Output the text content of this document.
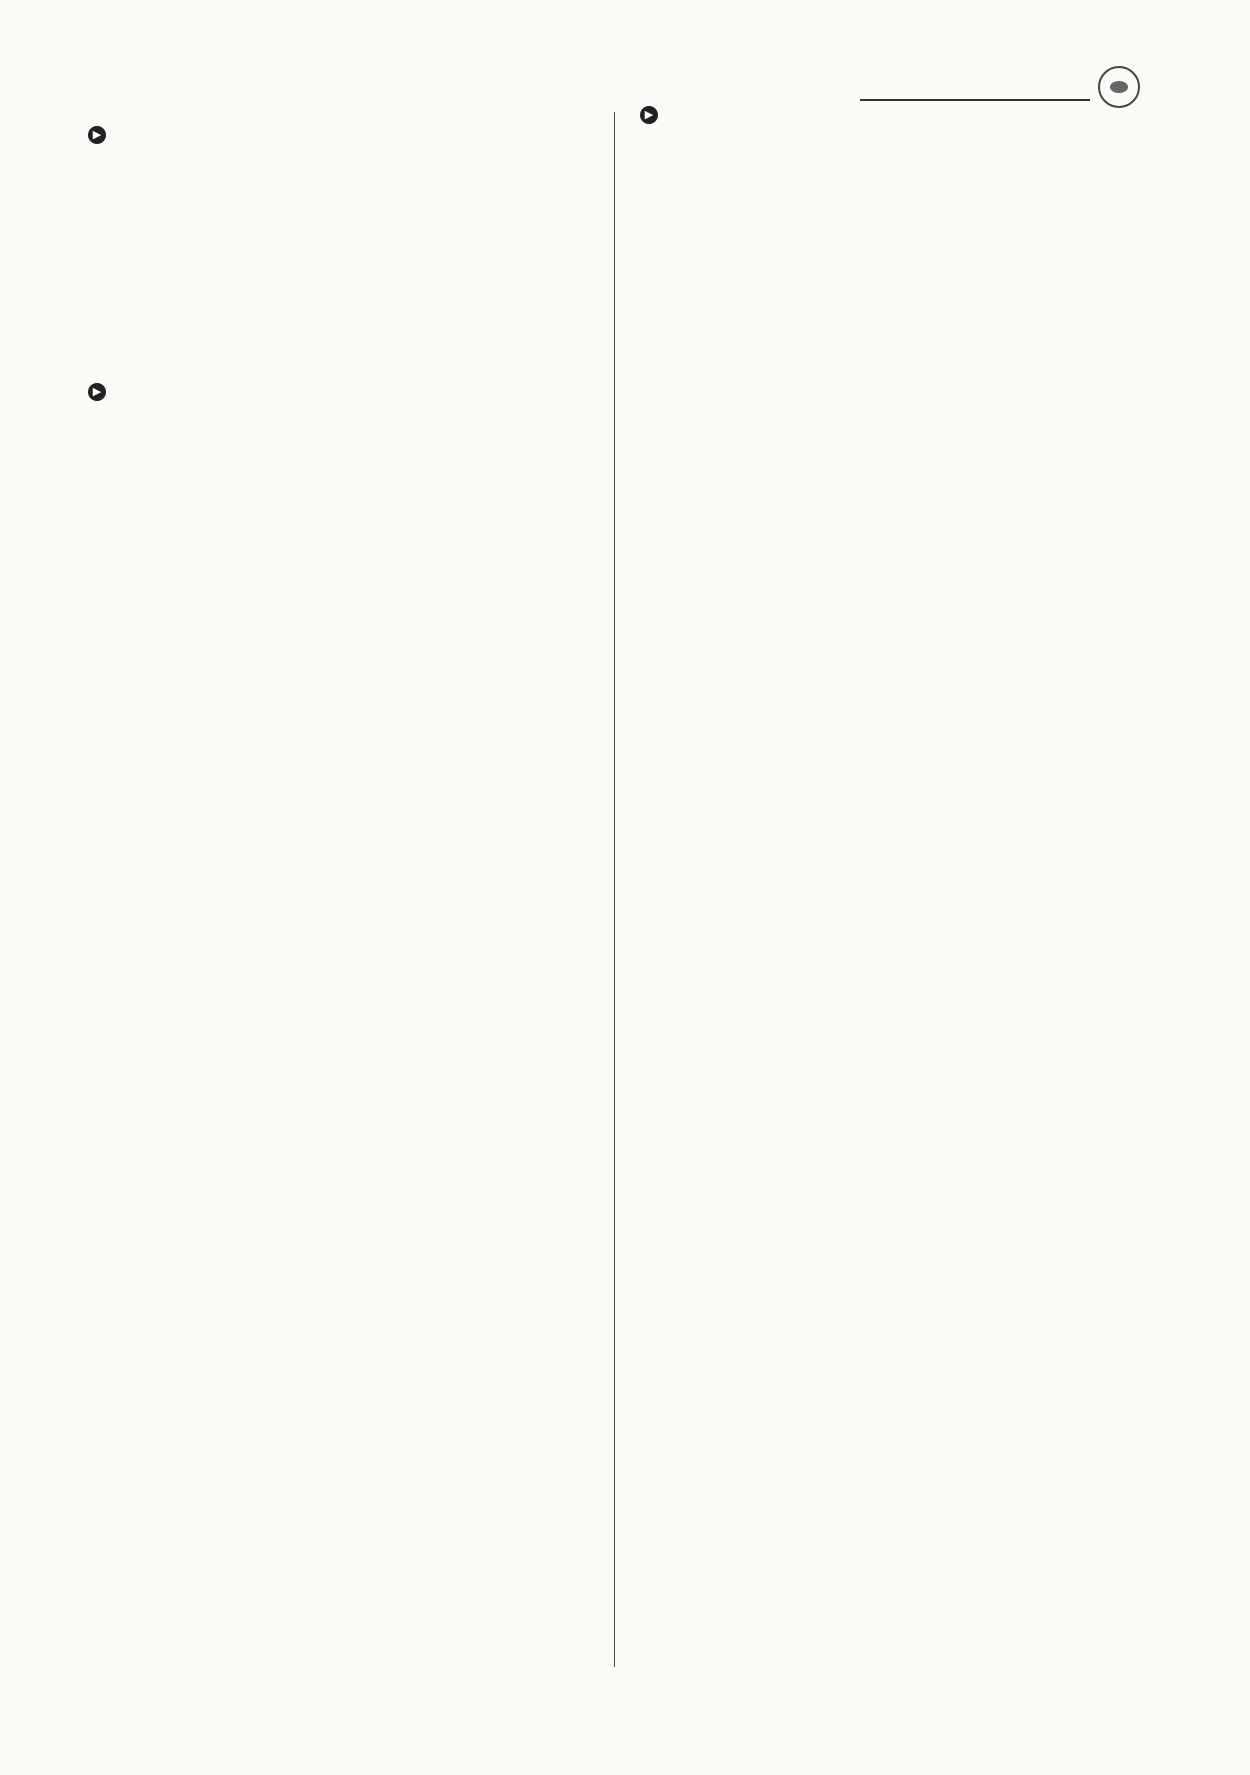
▶
▶
▶
